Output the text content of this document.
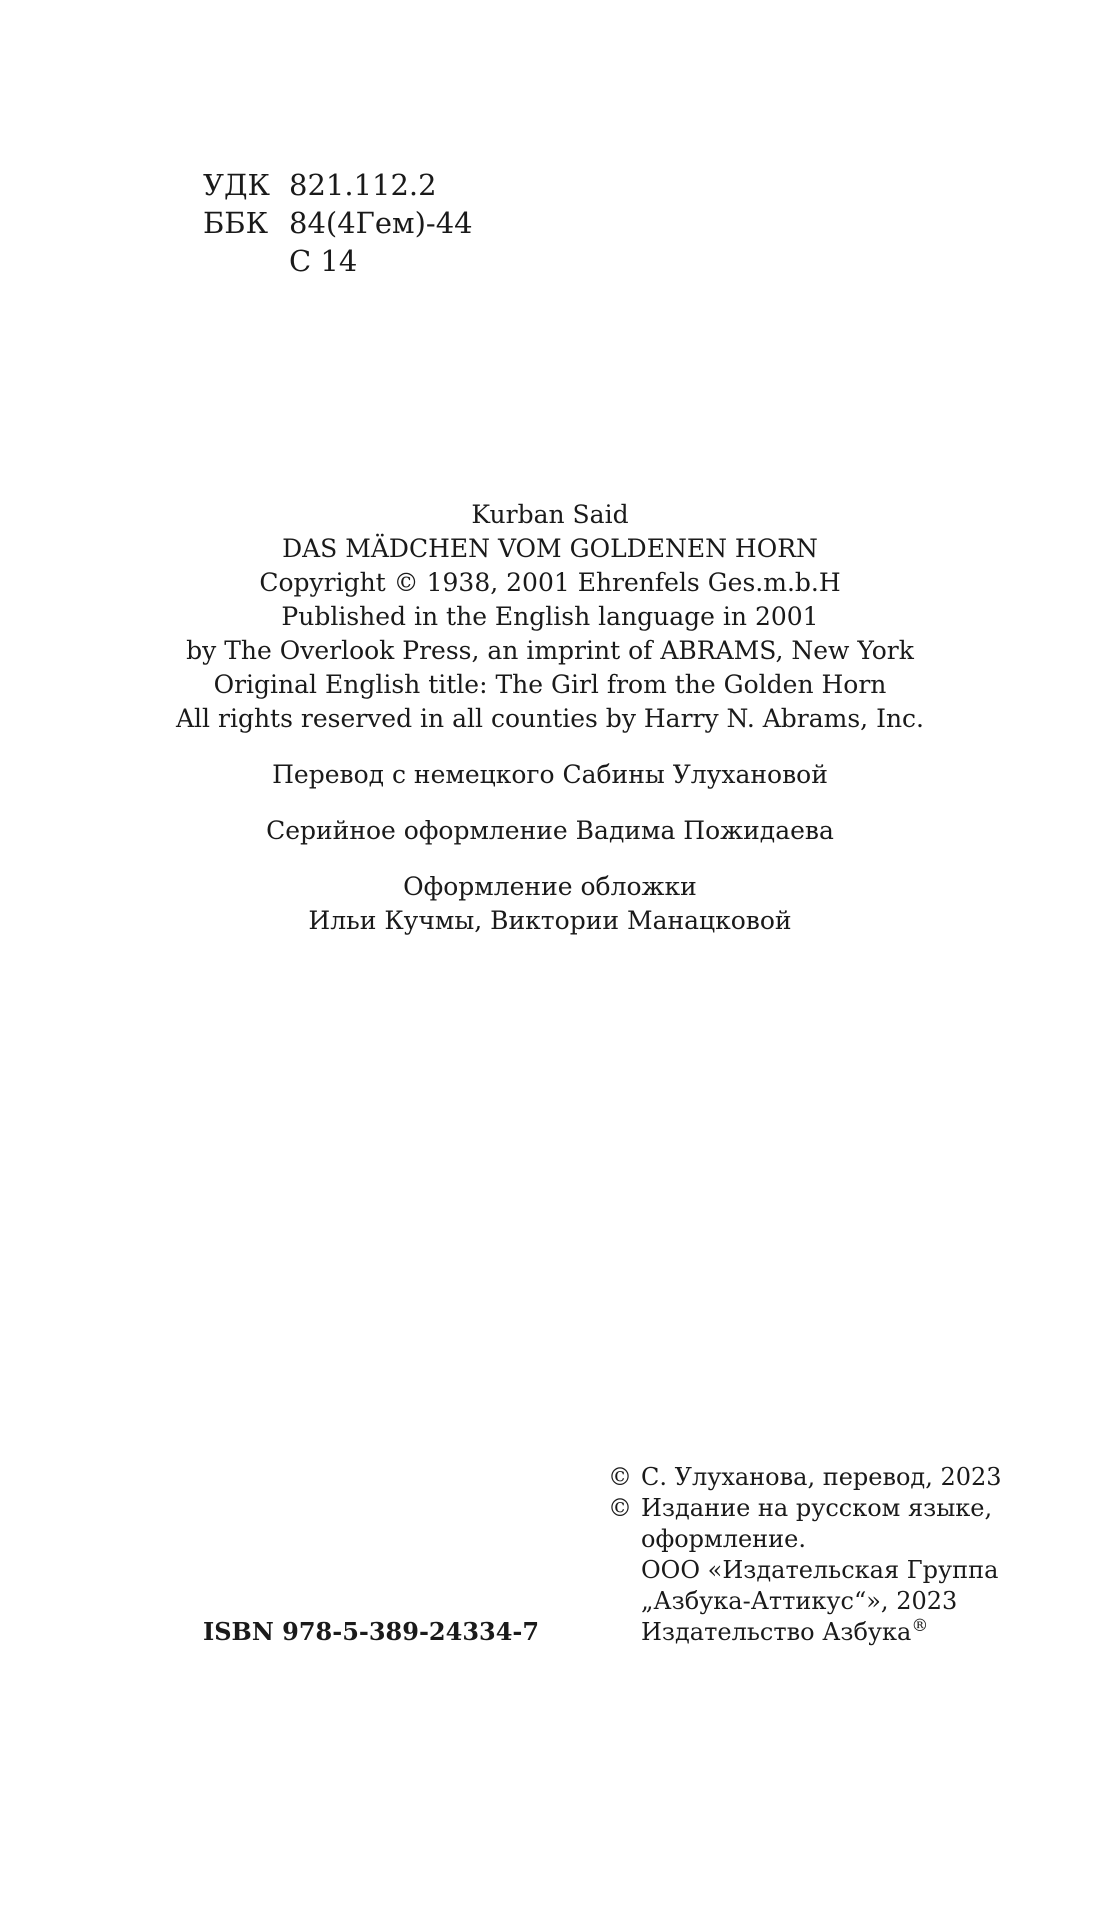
УДК 821.112.2
ББК 84(4Гем)-44
С 14
Kurban Said
DAS MÄDCHEN VOM GOLDENEN HORN
Copyright © 1938, 2001 Ehrenfels Ges.m.b.H
Published in the English language in 2001
by The Overlook Press, an imprint of ABRAMS, New York
Original English title: The Girl from the Golden Horn
All rights reserved in all counties by Harry N. Abrams, Inc.
Перевод с немецкого Сабины Улухановой
Серийное оформление Вадима Пожидаева
Оформление обложки
Ильи Кучмы, Виктории Манацковой
© С. Улуханова, перевод, 2023
© Издание на русском языке,
оформление.
ООО «Издательская Группа
„Азбука-Аттикус“», 2023
Издательство Азбука®
ISBN 978-5-389-24334-7
